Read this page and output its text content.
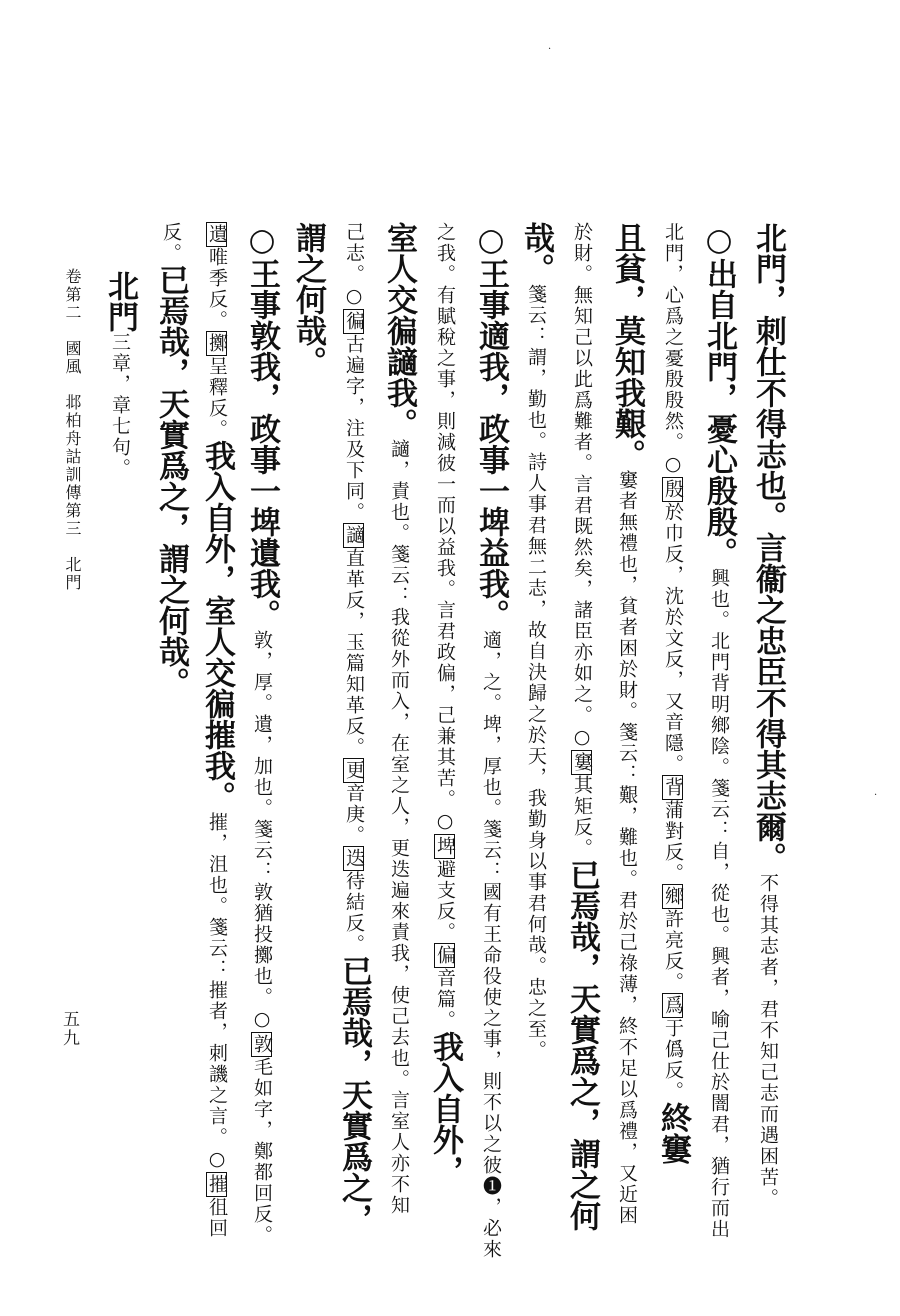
卷第二　國風　邶柏舟詁訓傳第三　北門
五九
北門，刺仕不得志也。言衞之忠臣不得其志爾。不得其志者，君不知己志而遇困苦。
○出自北門，憂心殷殷。興也。北門背明鄉陰。箋云：自，從也。興者，喻己仕於闇君，猶行而出
北門，心爲之憂殷殷然。○殷於巾反，沈於文反，又音隱。背蒲對反。鄉許亮反。爲于僞反。終窶
且貧，莫知我艱。窶者無禮也，貧者困於財。箋云：艱，難也。君於己祿薄，終不足以爲禮，又近困
於財。無知己以此爲難者。言君既然矣，諸臣亦如之。○窶其矩反。已焉哉，天實爲之，謂之何
哉。箋云：謂，勤也。詩人事君無二志，故自決歸之於天，我勤身以事君何哉。忠之至。
○王事適我，政事一埤益我。適，之。埤，厚也。箋云：國有王命役使之事，則不以之彼❶，必來
之我。有賦稅之事，則減彼一而以益我。言君政偏，己兼其苦。○埤避支反。偏音篇。我入自外，
室人交徧讁我。讁，責也。箋云：我從外而入，在室之人，更迭遍來責我，使己去也。言室人亦不知
己志。○徧古遍字，注及下同。讁直革反，玉篇知革反。更音庚。迭待結反。已焉哉，天實爲之，
謂之何哉。
○王事敦我，政事一埤遺我。敦，厚。遺，加也。箋云：敦猶投擲也。○敦毛如字，鄭都回反。
遺唯季反。擲呈釋反。我入自外，室人交徧摧我。摧，沮也。箋云：摧者，刺譏之言。○摧徂回
反。已焉哉，天實爲之，謂之何哉。
北門三章，章七句。
·
·
